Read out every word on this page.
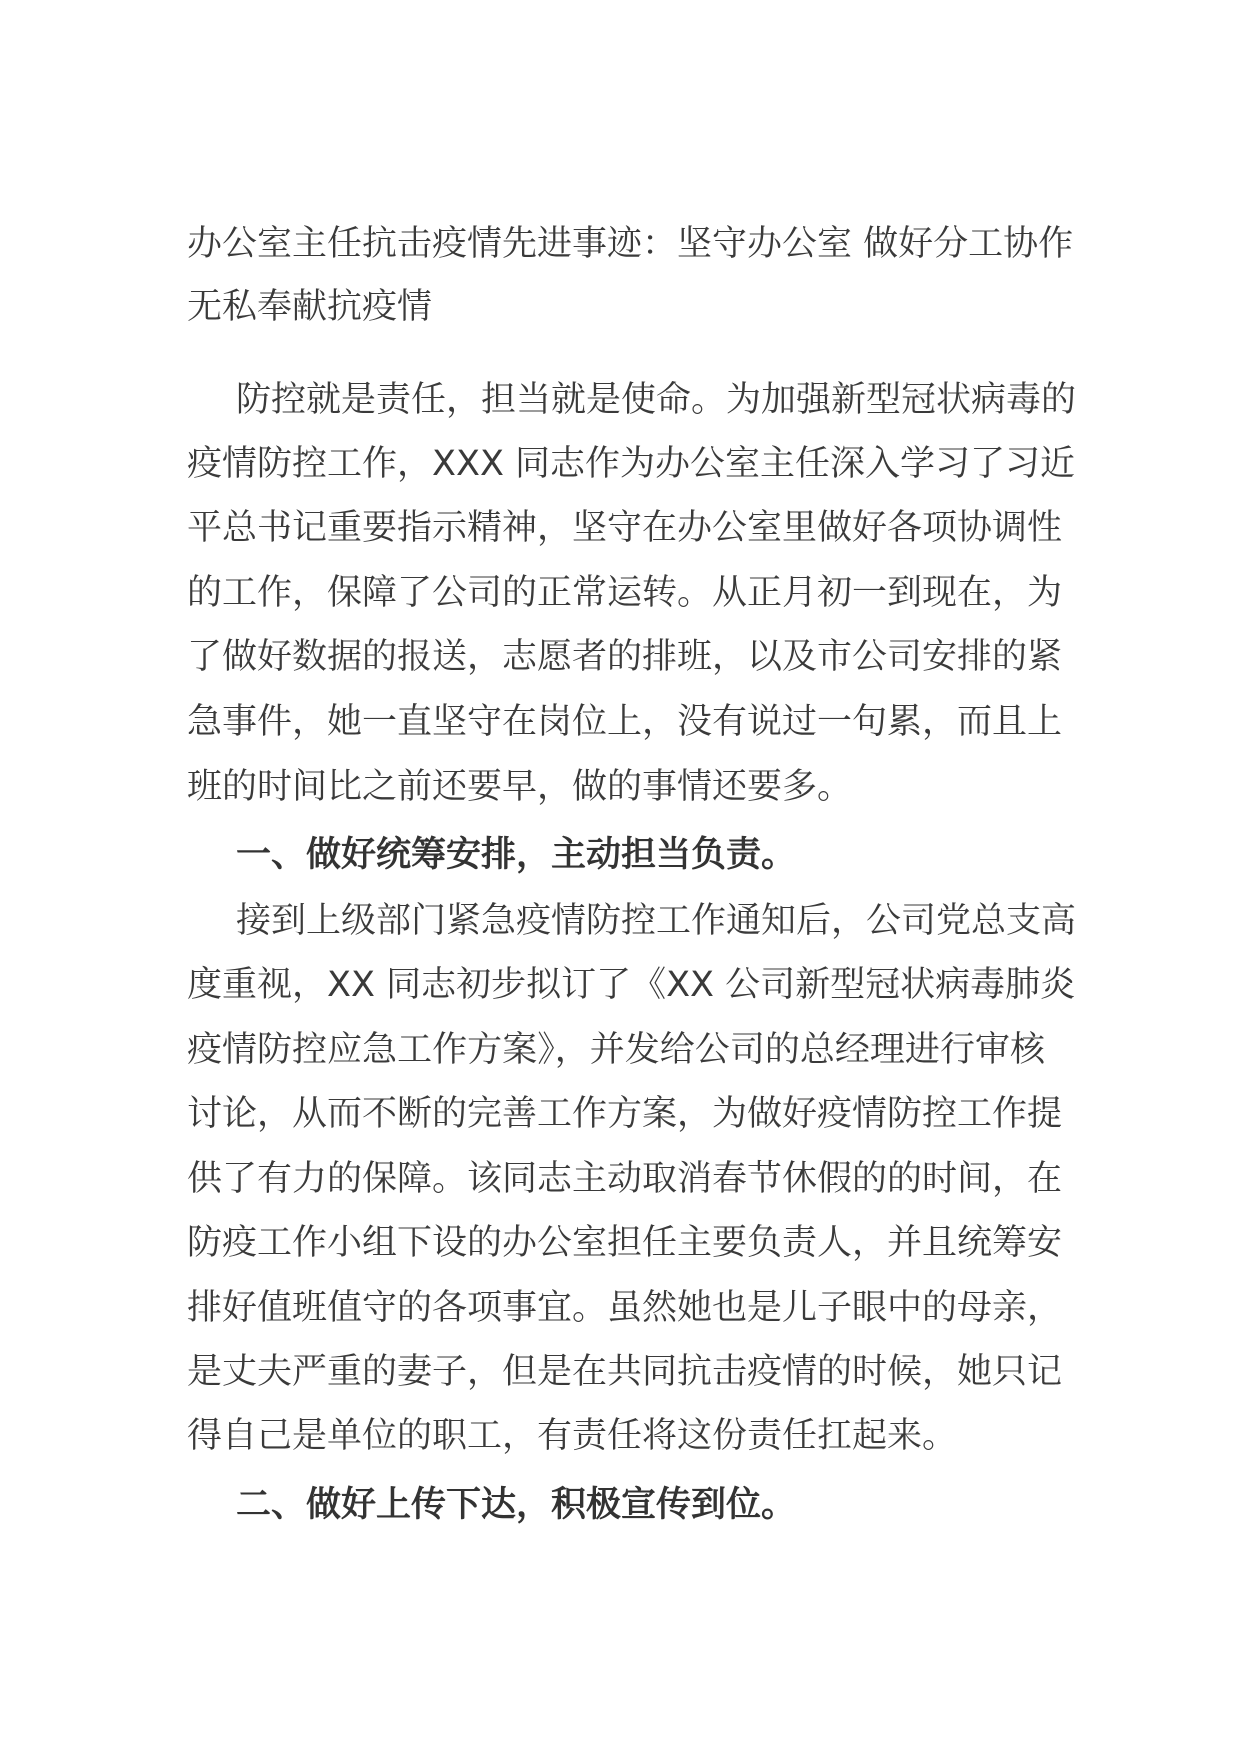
办公室主任抗击疫情先进事迹：坚守办公室 做好分工协作
无私奉献抗疫情
防控就是责任，担当就是使命。为加强新型冠状病毒的
疫情防控工作，XXX 同志作为办公室主任深入学习了习近
平总书记重要指示精神，坚守在办公室里做好各项协调性
的工作，保障了公司的正常运转。从正月初一到现在，为
了做好数据的报送，志愿者的排班，以及市公司安排的紧
急事件，她一直坚守在岗位上，没有说过一句累，而且上
班的时间比之前还要早，做的事情还要多。
一、做好统筹安排，主动担当负责。
接到上级部门紧急疫情防控工作通知后，公司党总支高
度重视，XX 同志初步拟订了《XX 公司新型冠状病毒肺炎
疫情防控应急工作方案》，并发给公司的总经理进行审核
讨论，从而不断的完善工作方案，为做好疫情防控工作提
供了有力的保障。该同志主动取消春节休假的的时间，在
防疫工作小组下设的办公室担任主要负责人，并且统筹安
排好值班值守的各项事宜。虽然她也是儿子眼中的母亲，
是丈夫严重的妻子，但是在共同抗击疫情的时候，她只记
得自己是单位的职工，有责任将这份责任扛起来。
二、做好上传下达，积极宣传到位。
